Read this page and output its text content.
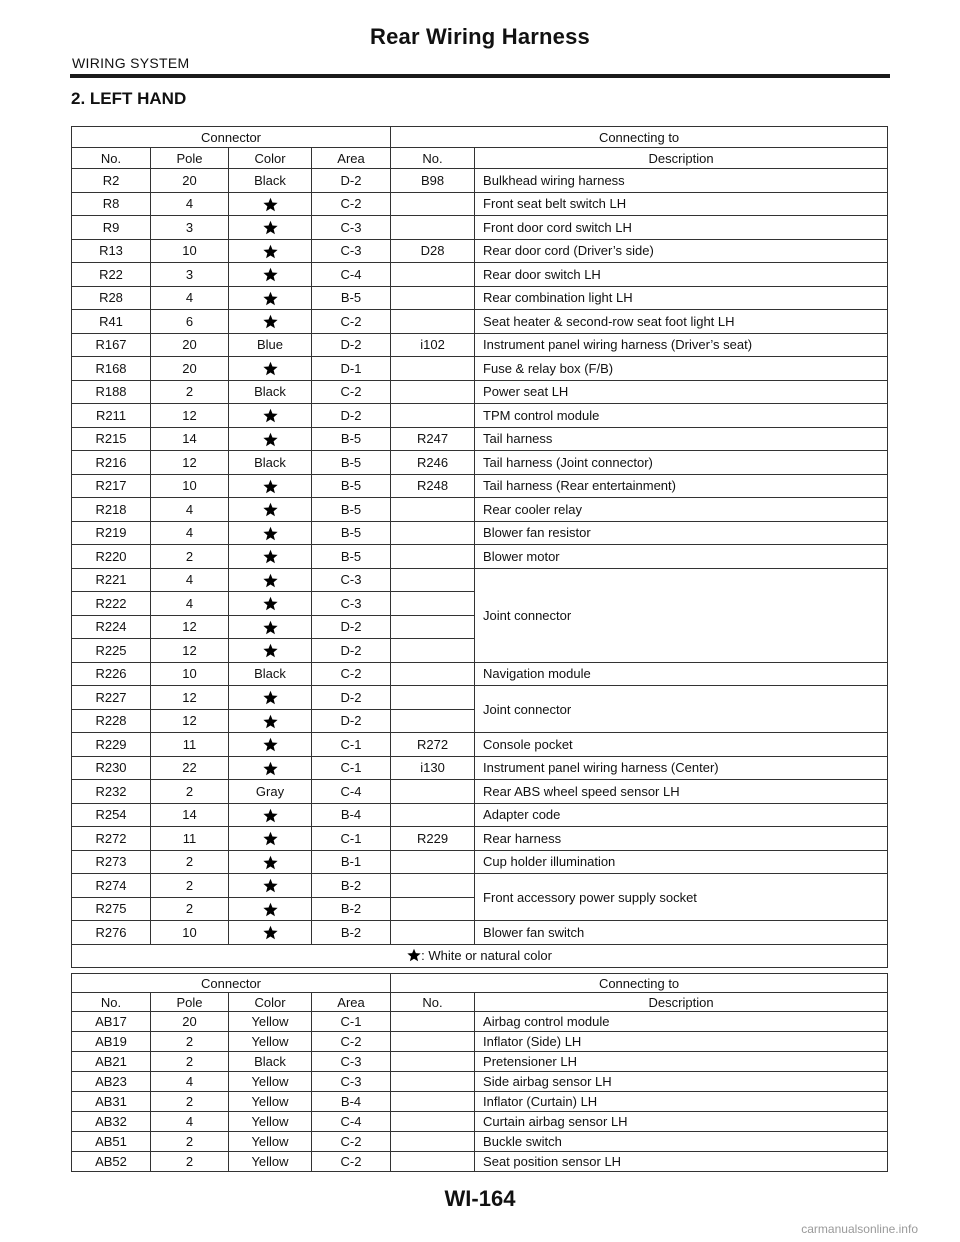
Rear Wiring Harness
WIRING SYSTEM
2. LEFT HAND
Connector				Connecting to	
No.	Pole	Color	Area	No.	Description
R2	20	Black	D-2	B98	Bulkhead wiring harness
R8	4		C-2		Front seat belt switch LH
R9	3		C-3		Front door cord switch LH
R13	10		C-3	D28	Rear door cord (Driver’s side)
R22	3		C-4		Rear door switch LH
R28	4		B-5		Rear combination light LH
R41	6		C-2		Seat heater & second-row seat foot light LH
R167	20	Blue	D-2	i102	Instrument panel wiring harness (Driver’s seat)
R168	20		D-1		Fuse & relay box (F/B)
R188	2	Black	C-2		Power seat LH
R211	12		D-2		TPM control module
R215	14		B-5	R247	Tail harness
R216	12	Black	B-5	R246	Tail harness (Joint connector)
R217	10		B-5	R248	Tail harness (Rear entertainment)
R218	4		B-5		Rear cooler relay
R219	4		B-5		Blower fan resistor
R220	2		B-5		Blower motor
R221	4		C-3		Joint connector
R222	4		C-3		
R224	12		D-2		
R225	12		D-2		
R226	10	Black	C-2		Navigation module
R227	12		D-2		Joint connector
R228	12		D-2		
R229	11		C-1	R272	Console pocket
R230	22		C-1	i130	Instrument panel wiring harness (Center)
R232	2	Gray	C-4		Rear ABS wheel speed sensor LH
R254	14		B-4		Adapter code
R272	11		C-1	R229	Rear harness
R273	2		B-1		Cup holder illumination
R274	2		B-2		Front accessory power supply socket
R275	2		B-2		
R276	10		B-2		Blower fan switch

: White or natural color					
Connector				Connecting to	
No.	Pole	Color	Area	No.	Description
AB17	20	Yellow	C-1		Airbag control module
AB19	2	Yellow	C-2		Inflator (Side) LH
AB21	2	Black	C-3		Pretensioner LH
AB23	4	Yellow	C-3		Side airbag sensor LH
AB31	2	Yellow	B-4		Inflator (Curtain) LH
AB32	4	Yellow	C-4		Curtain airbag sensor LH
AB51	2	Yellow	C-2		Buckle switch
AB52	2	Yellow	C-2		Seat position sensor LH
WI-164
carmanualsonline.info
